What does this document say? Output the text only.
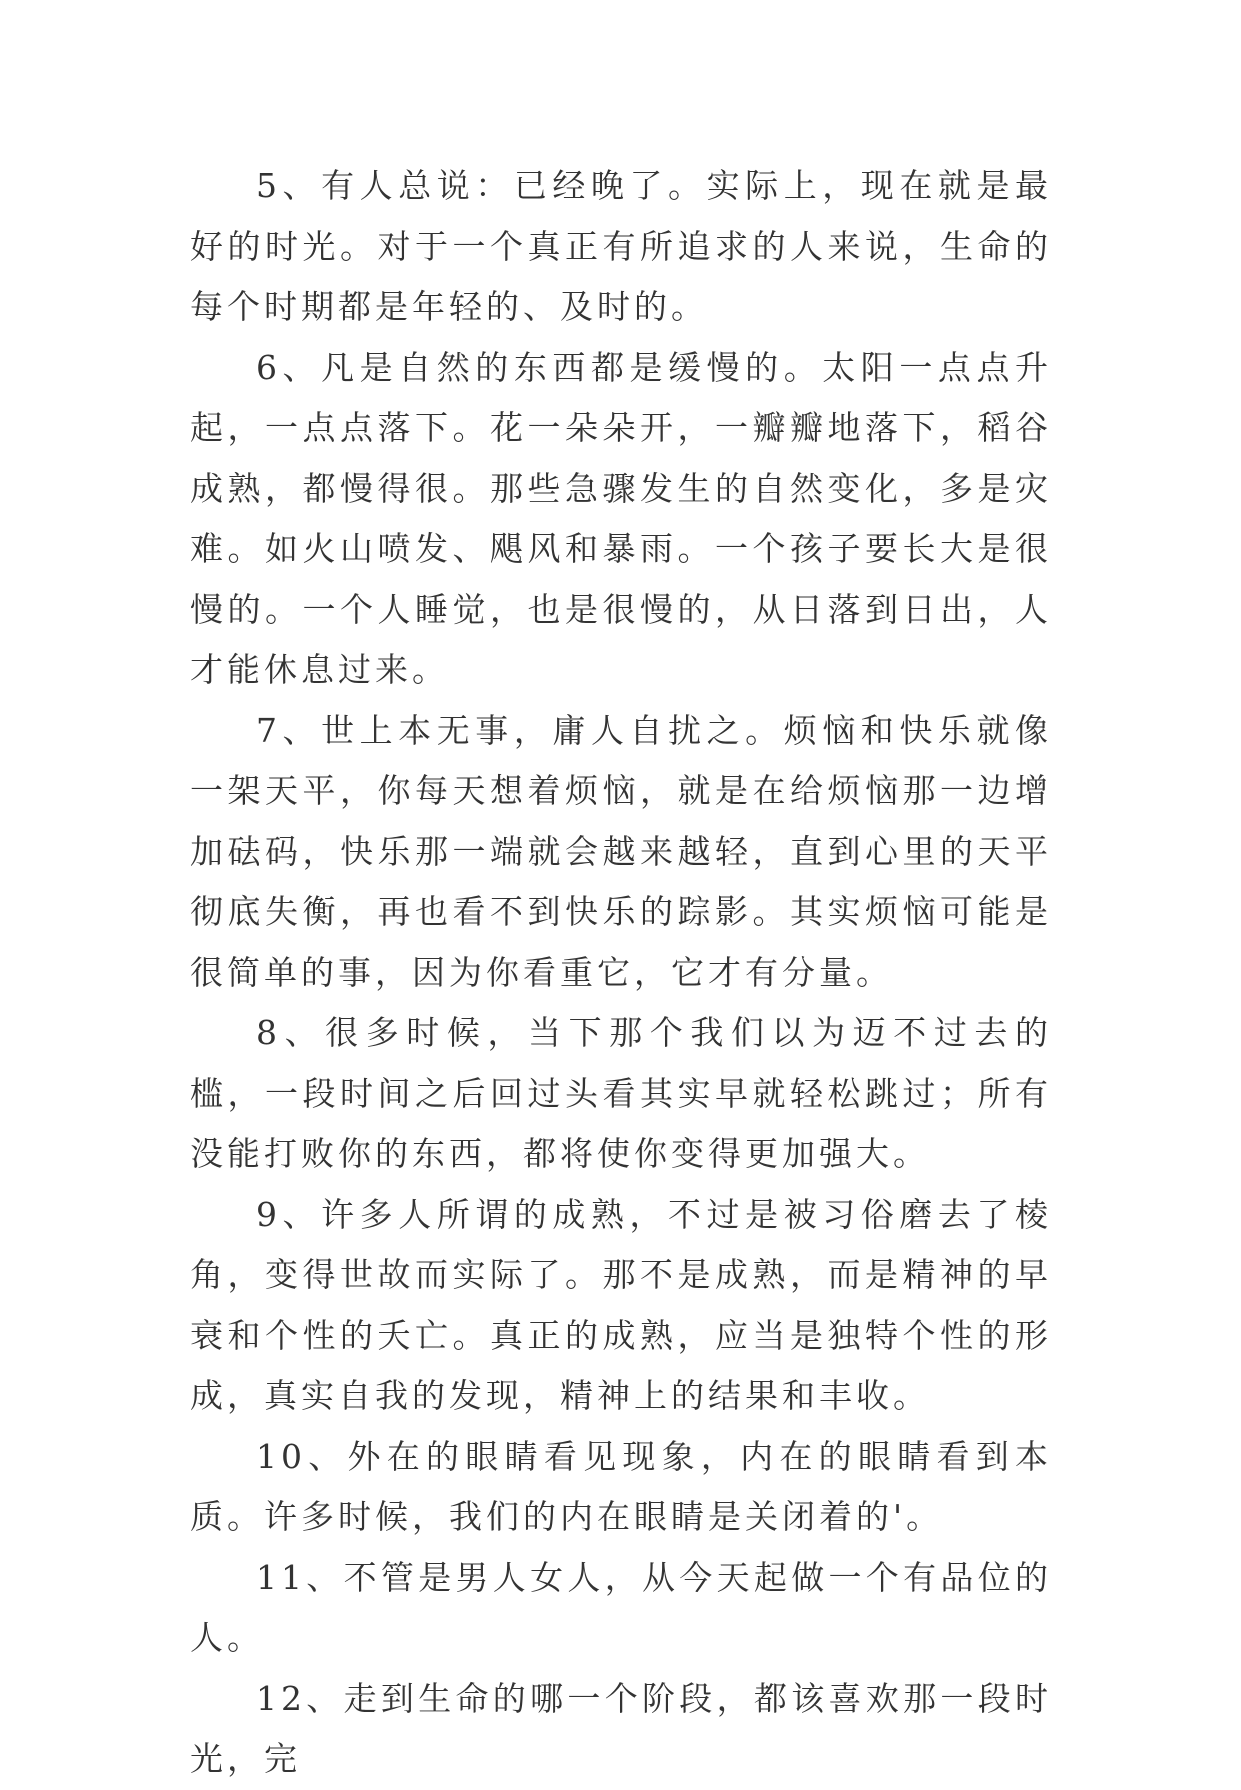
5、有人总说：已经晚了。实际上，现在就是最好的时光。对于一个真正有所追求的人来说，生命的每个时期都是年轻的、及时的。

6、凡是自然的东西都是缓慢的。太阳一点点升起，一点点落下。花一朵朵开，一瓣瓣地落下，稻谷成熟，都慢得很。那些急骤发生的自然变化，多是灾难。如火山喷发、飓风和暴雨。一个孩子要长大是很慢的。一个人睡觉，也是很慢的，从日落到日出，人才能休息过来。

7、世上本无事，庸人自扰之。烦恼和快乐就像一架天平，你每天想着烦恼，就是在给烦恼那一边增加砝码，快乐那一端就会越来越轻，直到心里的天平彻底失衡，再也看不到快乐的踪影。其实烦恼可能是很简单的事，因为你看重它，它才有分量。

8、很多时候，当下那个我们以为迈不过去的槛，一段时间之后回过头看其实早就轻松跳过；所有没能打败你的东西，都将使你变得更加强大。

9、许多人所谓的成熟，不过是被习俗磨去了棱角，变得世故而实际了。那不是成熟，而是精神的早衰和个性的夭亡。真正的成熟，应当是独特个性的形成，真实自我的发现，精神上的结果和丰收。

10、外在的眼睛看见现象，内在的眼睛看到本质。许多时候，我们的内在眼睛是关闭着的'。

11、不管是男人女人，从今天起做一个有品位的人。

12、走到生命的哪一个阶段，都该喜欢那一段时光，完
